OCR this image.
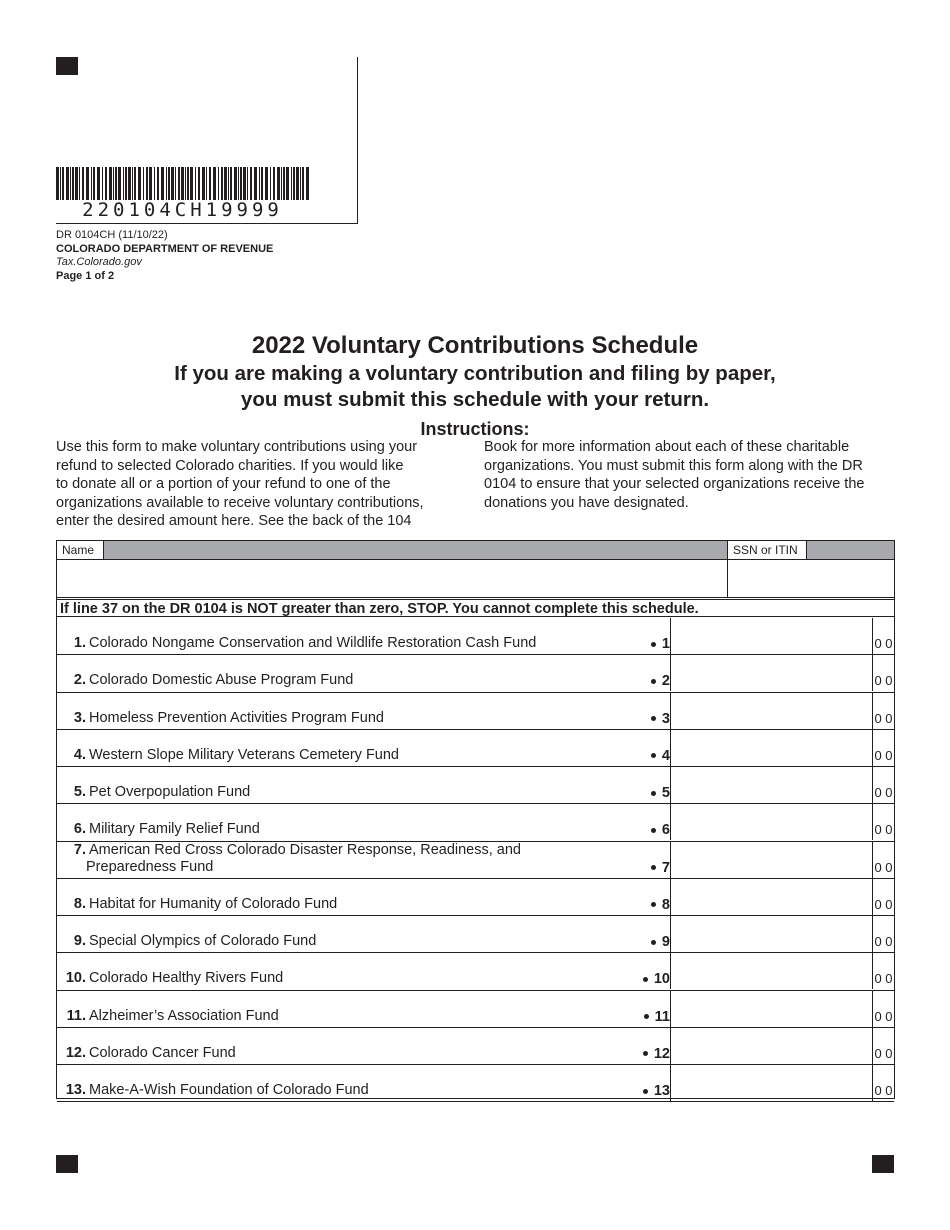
220104CH19999
DR 0104CH (11/10/22)
COLORADO DEPARTMENT OF REVENUE
Tax.Colorado.gov
Page 1 of 2
2022 Voluntary Contributions Schedule
If you are making a voluntary contribution and filing by paper,
you must submit this schedule with your return.
Instructions:
Use this form to make voluntary contributions using your
refund to selected Colorado charities. If you would like
to donate all or a portion of your refund to one of the
organizations available to receive voluntary contributions,
enter the desired amount here. See the back of the 104
Book for more information about each of these charitable
organizations. You must submit this form along with the DR
0104 to ensure that your selected organizations receive the
donations you have designated.
Name	SSN or ITIN
If line 37 on the DR 0104 is NOT greater than zero, STOP. You cannot complete this schedule.
1. Colorado Nongame Conservation and Wildlife Restoration Cash Fund	1	0 0
2. Colorado Domestic Abuse Program Fund	2	0 0
3. Homeless Prevention Activities Program Fund	3	0 0
4. Western Slope Military Veterans Cemetery Fund	4	0 0
5. Pet Overpopulation Fund	5	0 0
6. Military Family Relief Fund	6	0 0
7. American Red Cross Colorado Disaster Response, Readiness, and
Preparedness Fund	7	0 0
8. Habitat for Humanity of Colorado Fund	8	0 0
9. Special Olympics of Colorado Fund	9	0 0
10. Colorado Healthy Rivers Fund	10	0 0
11. Alzheimer’s Association Fund	11	0 0
12. Colorado Cancer Fund	12	0 0
13. Make-A-Wish Foundation of Colorado Fund	13	0 0
